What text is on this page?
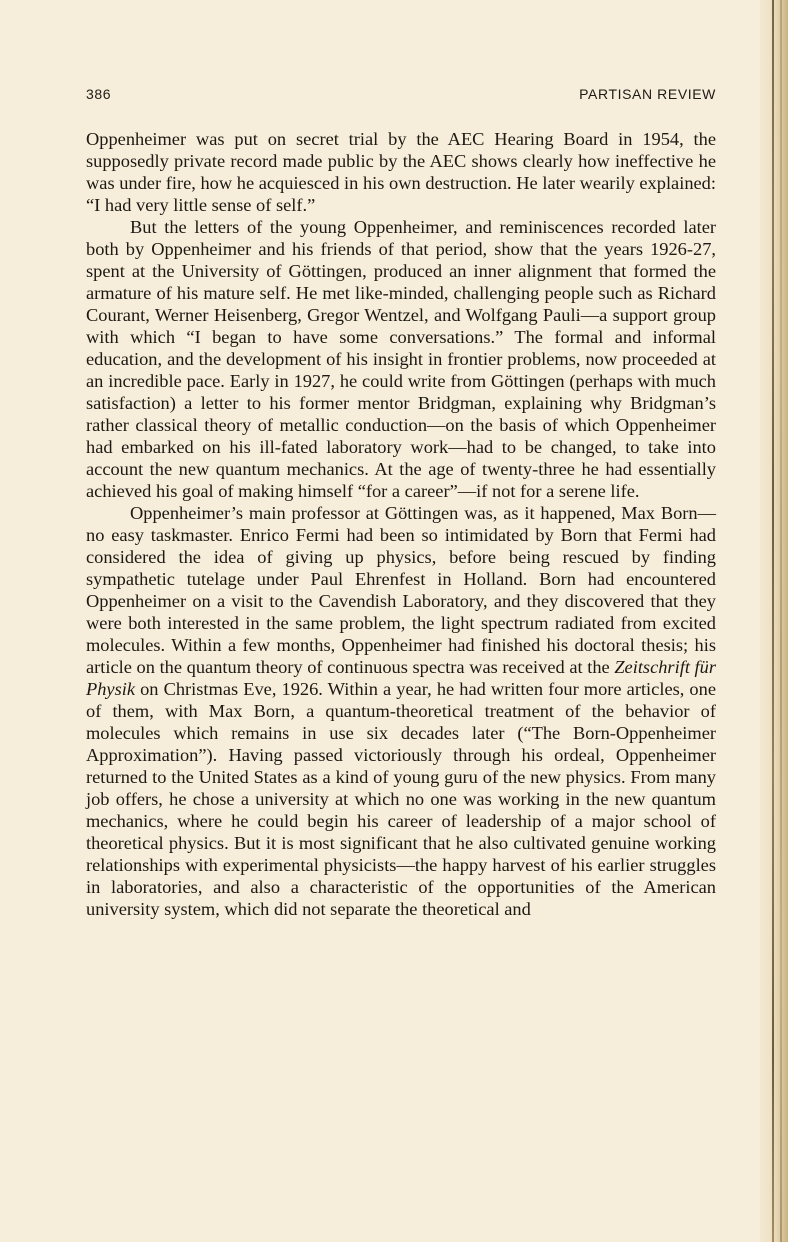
386	PARTISAN REVIEW

Oppenheimer was put on secret trial by the AEC Hearing Board in 1954, the supposedly private record made public by the AEC shows clearly how ineffective he was under fire, how he acquiesced in his own destruction. He later wearily explained: “I had very little sense of self.”

But the letters of the young Oppenheimer, and reminiscences recorded later both by Oppenheimer and his friends of that period, show that the years 1926-27, spent at the University of Göttingen, produced an inner alignment that formed the armature of his mature self. He met like-minded, challenging people such as Richard Courant, Werner Heisenberg, Gregor Wentzel, and Wolfgang Pauli—a support group with which “I began to have some conversations.” The formal and informal education, and the development of his insight in frontier problems, now proceeded at an incredible pace. Early in 1927, he could write from Göttingen (perhaps with much satisfaction) a letter to his former mentor Bridgman, explaining why Bridgman’s rather classical theory of metallic conduction—on the basis of which Oppenheimer had embarked on his ill-fated laboratory work—had to be changed, to take into account the new quantum mechanics. At the age of twenty-three he had essentially achieved his goal of making himself “for a career”—if not for a serene life.

Oppenheimer’s main professor at Göttingen was, as it happened, Max Born—no easy taskmaster. Enrico Fermi had been so intimidated by Born that Fermi had considered the idea of giving up physics, before being rescued by finding sympathetic tutelage under Paul Ehrenfest in Holland. Born had encountered Oppenheimer on a visit to the Cavendish Laboratory, and they discovered that they were both interested in the same problem, the light spectrum radiated from excited molecules. Within a few months, Oppenheimer had finished his doctoral thesis; his article on the quantum theory of continuous spectra was received at the Zeitschrift für Physik on Christmas Eve, 1926. Within a year, he had written four more articles, one of them, with Max Born, a quantum-theoretical treatment of the behavior of molecules which remains in use six decades later (“The Born-Oppenheimer Approximation”). Having passed victoriously through his ordeal, Oppenheimer returned to the United States as a kind of young guru of the new physics. From many job offers, he chose a university at which no one was working in the new quantum mechanics, where he could begin his career of leadership of a major school of theoretical physics. But it is most significant that he also cultivated genuine working relationships with experimental physicists—the happy harvest of his earlier struggles in laboratories, and also a characteristic of the opportunities of the American university system, which did not separate the theoretical and
